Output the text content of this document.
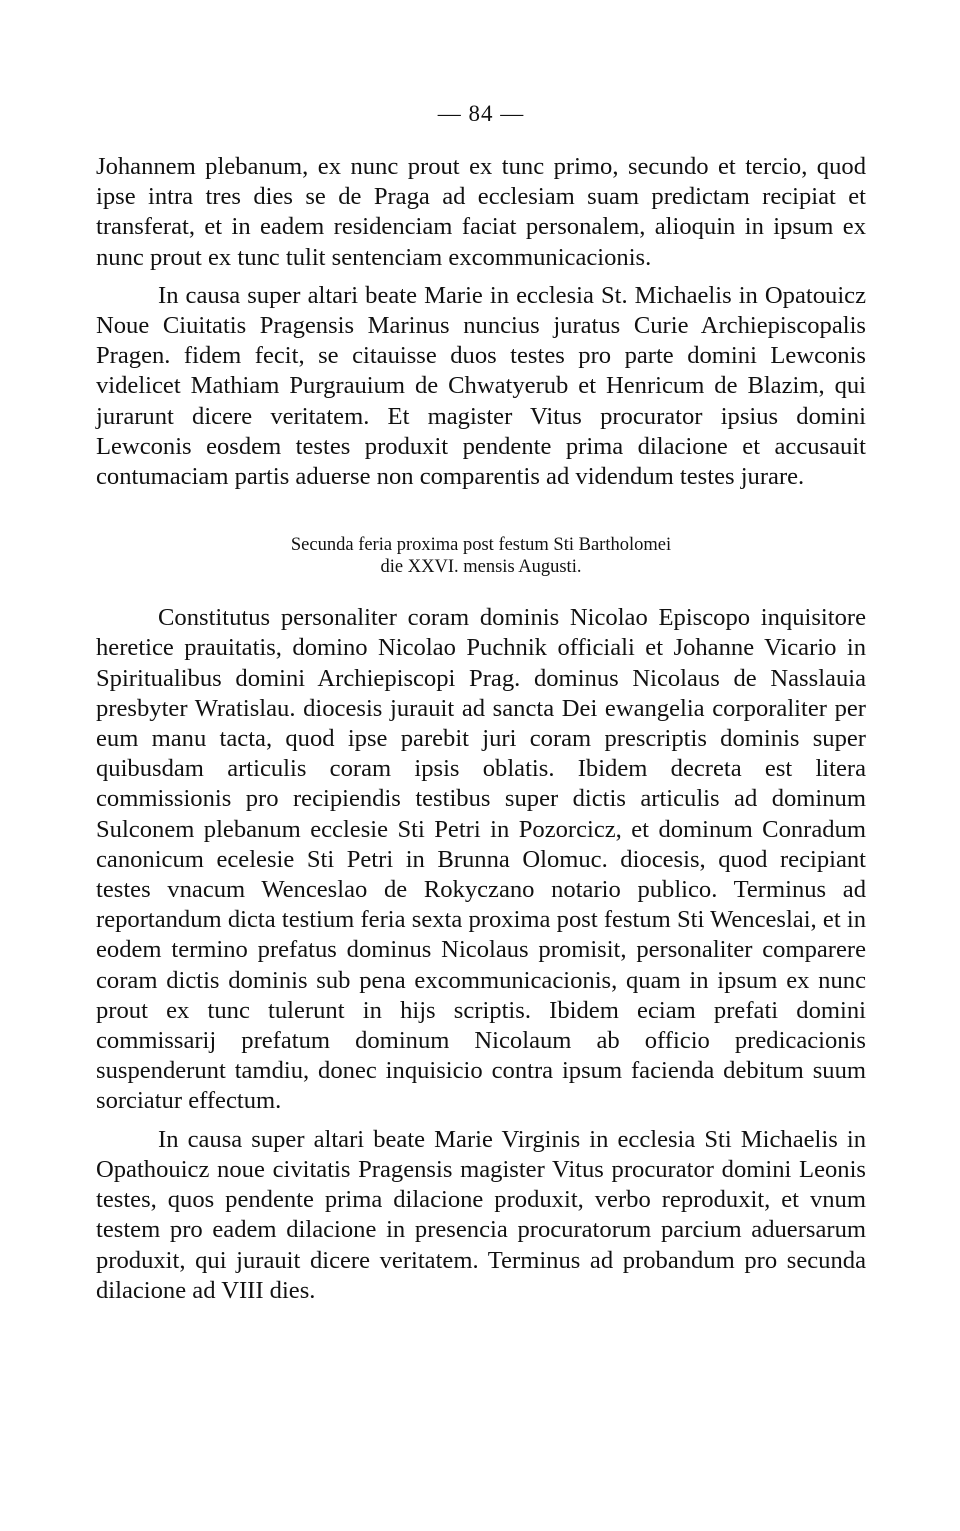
— 84 —

Johannem plebanum, ex nunc prout ex tunc primo, secundo et tercio, quod ipse intra tres dies se de Praga ad ecclesiam suam predictam recipiat et transferat, et in eadem residenciam faciat personalem, alioquin in ipsum ex nunc prout ex tunc tulit sentenciam excommunicacionis.

In causa super altari beate Marie in ecclesia St. Michaelis in Opatouicz Noue Ciuitatis Pragensis Marinus nuncius juratus Curie Archiepiscopalis Pragen. fidem fecit, se citauisse duos testes pro parte domini Lewconis videlicet Mathiam Purgrauium de Chwatyerub et Henricum de Blazim, qui jurarunt dicere veritatem. Et magister Vitus procurator ipsius domini Lewconis eosdem testes produxit pendente prima dilacione et accusauit contumaciam partis aduerse non comparentis ad videndum testes jurare.

Secunda feria proxima post festum Sti Bartholomei
die XXVI. mensis Augusti.

Constitutus personaliter coram dominis Nicolao Episcopo inquisitore heretice prauitatis, domino Nicolao Puchnik officiali et Johanne Vicario in Spiritualibus domini Archiepiscopi Prag. dominus Nicolaus de Nasslauia presbyter Wratislau. diocesis jurauit ad sancta Dei ewangelia corporaliter per eum manu tacta, quod ipse parebit juri coram prescriptis dominis super quibusdam articulis coram ipsis oblatis. Ibidem decreta est litera commissionis pro recipiendis testibus super dictis articulis ad dominum Sulconem plebanum ecclesie Sti Petri in Pozorcicz, et dominum Conradum canonicum ecelesie Sti Petri in Brunna Olomuc. diocesis, quod recipiant testes vnacum Wenceslao de Rokyczano notario publico. Terminus ad reportandum dicta testium feria sexta proxima post festum Sti Wenceslai, et in eodem termino prefatus dominus Nicolaus promisit, personaliter comparere coram dictis dominis sub pena excommunicacionis, quam in ipsum ex nunc prout ex tunc tulerunt in hijs scriptis. Ibidem eciam prefati domini commissarij prefatum dominum Nicolaum ab officio predicacionis suspenderunt tamdiu, donec inquisicio contra ipsum facienda debitum suum sorciatur effectum.

In causa super altari beate Marie Virginis in ecclesia Sti Michaelis in Opathouicz noue civitatis Pragensis magister Vitus procurator domini Leonis testes, quos pendente prima dilacione produxit, verbo reproduxit, et vnum testem pro eadem dilacione in presencia procuratorum parcium aduersarum produxit, qui jurauit dicere veritatem. Terminus ad probandum pro secunda dilacione ad VIII dies.
